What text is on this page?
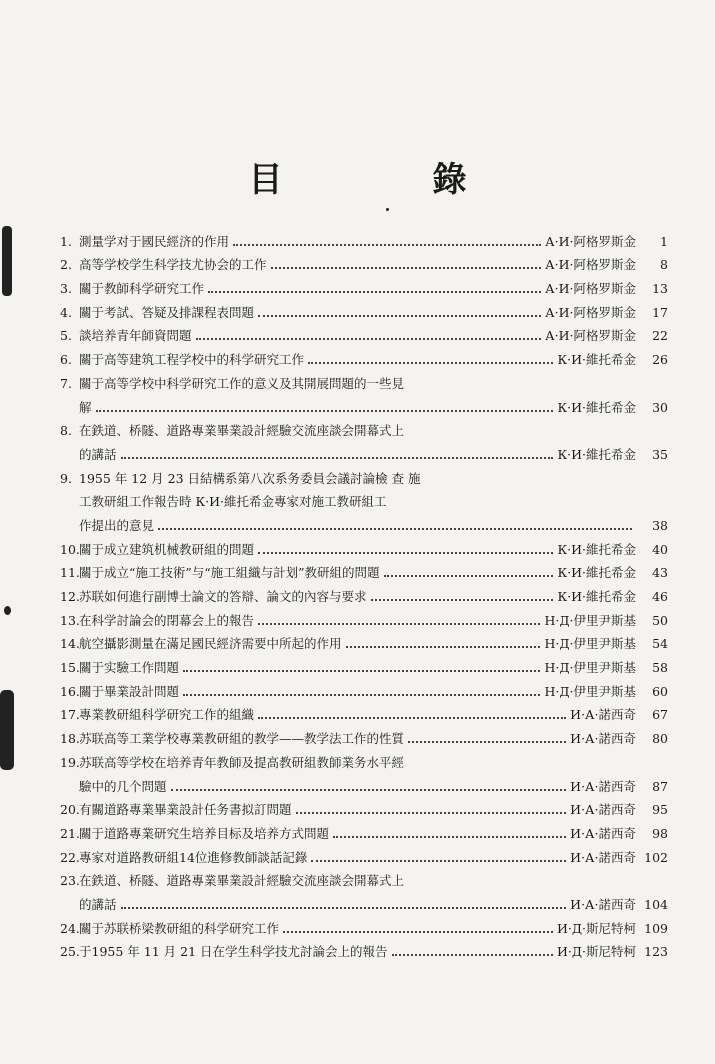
目　錄
1. 測量学对于國民經济的作用	А·И·阿格罗斯金	1
2. 高等学校学生科学技尤协会的工作	А·И·阿格罗斯金	8
3. 關于教師科学研究工作	А·И·阿格罗斯金	13
4. 關于考試、答疑及排課程表問題	А·И·阿格罗斯金	17
5. 談培养青年師資問題	А·И·阿格罗斯金	22
6. 關于高等建筑工程学校中的科学研究工作	К·И·維托希金	26
7. 關于高等学校中科学研究工作的意义及其開展問題的一些見
解	К·И·維托希金	30
8. 在鉄道、桥隧、道路專業畢業設計經驗交流座談会開幕式上
的講話	К·И·維托希金	35
9. 1955 年 12 月 23 日結構系第八次系务委員会議討論檢 查 施
工教研組工作報告時 К·И·維托希金專家对施工教研組工
作提出的意見	38
10. 關于成立建筑机械教研組的問題	К·И·維托希金	40
11. 關于成立“施工技術”与“施工組織与計划”教研組的問題	К·И·維托希金	43
12. 苏联如何進行副博士論文的答辯、論文的內容与要求	К·И·維托希金	46
13. 在科学討論会的閉幕会上的報告	Н·Д·伊里尹斯基	50
14. 航空攝影測量在滿足國民經济需要中所起的作用	Н·Д·伊里尹斯基	54
15. 關于实驗工作問題	Н·Д·伊里尹斯基	58
16. 關于畢業設計問題	Н·Д·伊里尹斯基	60
17. 專業教研組科学研究工作的組織	И·А·諾西奇	67
18. 苏联高等工業学校專業教研組的教学——教学法工作的性質	И·А·諾西奇	80
19. 苏联高等学校在培养青年教師及提高教研組教師業务水平經
驗中的几个問題	И·А·諾西奇	87
20. 有關道路專業畢業設計任务書拟訂問題	И·А·諾西奇	95
21. 關于道路專業研究生培养目标及培养方式問題	И·А·諾西奇	98
22. 專家对道路教研組14位進修教師談話記錄	И·А·諾西奇 102
23. 在鉄道、桥隧、道路專業畢業設計經驗交流座談会開幕式上
的講話	И·А·諾西奇 104
24. 關于苏联桥梁教研組的科学研究工作	И·Д·斯尼特柯 109
25. 于1955 年 11 月 21 日在学生科学技尤討論会上的報告	И·Д·斯尼特柯 123
